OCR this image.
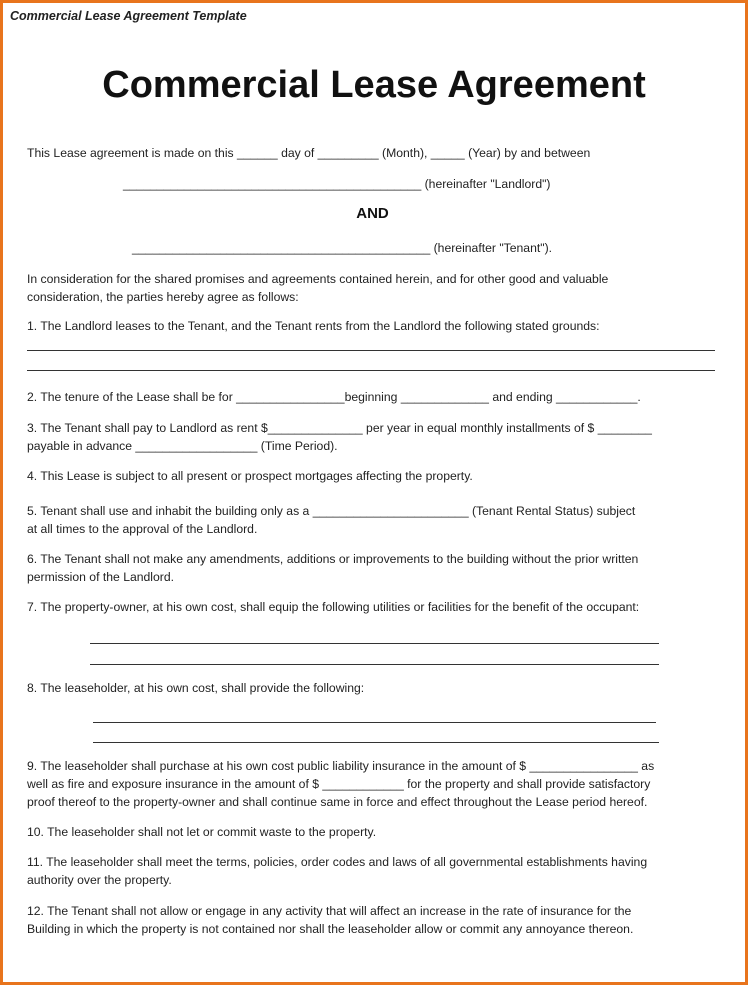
Commercial Lease Agreement Template
Commercial Lease Agreement
This Lease agreement is made on this ______ day of _________ (Month), _____ (Year) by and between
____________________________________________ (hereinafter "Landlord")
AND
____________________________________________ (hereinafter "Tenant").
In consideration for the shared promises and agreements contained herein, and for other good and valuable
consideration, the parties hereby agree as follows:
1. The Landlord leases to the Tenant, and the Tenant rents from the Landlord the following stated grounds:
2. The tenure of the Lease shall be for ________________beginning _____________ and ending ____________.
3. The Tenant shall pay to Landlord as rent $______________ per year in equal monthly installments of $ ________
payable in advance __________________ (Time Period).
4. This Lease is subject to all present or prospect mortgages affecting the property.
5. Tenant shall use and inhabit the building only as a _______________________ (Tenant Rental Status) subject
at all times to the approval of the Landlord.
6. The Tenant shall not make any amendments, additions or improvements to the building without the prior written
permission of the Landlord.
7. The property-owner, at his own cost, shall equip the following utilities or facilities for the benefit of the occupant:
8. The leaseholder, at his own cost, shall provide the following:
9. The leaseholder shall purchase at his own cost public liability insurance in the amount of $ ________________ as
well as fire and exposure insurance in the amount of $ ____________ for the property and shall provide satisfactory
proof thereof to the property-owner and shall continue same in force and effect throughout the Lease period hereof.
10. The leaseholder shall not let or commit waste to the property.
11. The leaseholder shall meet the terms, policies, order codes and laws of all governmental establishments having
authority over the property.
12. The Tenant shall not allow or engage in any activity that will affect an increase in the rate of insurance for the
Building in which the property is not contained nor shall the leaseholder allow or commit any annoyance thereon.
